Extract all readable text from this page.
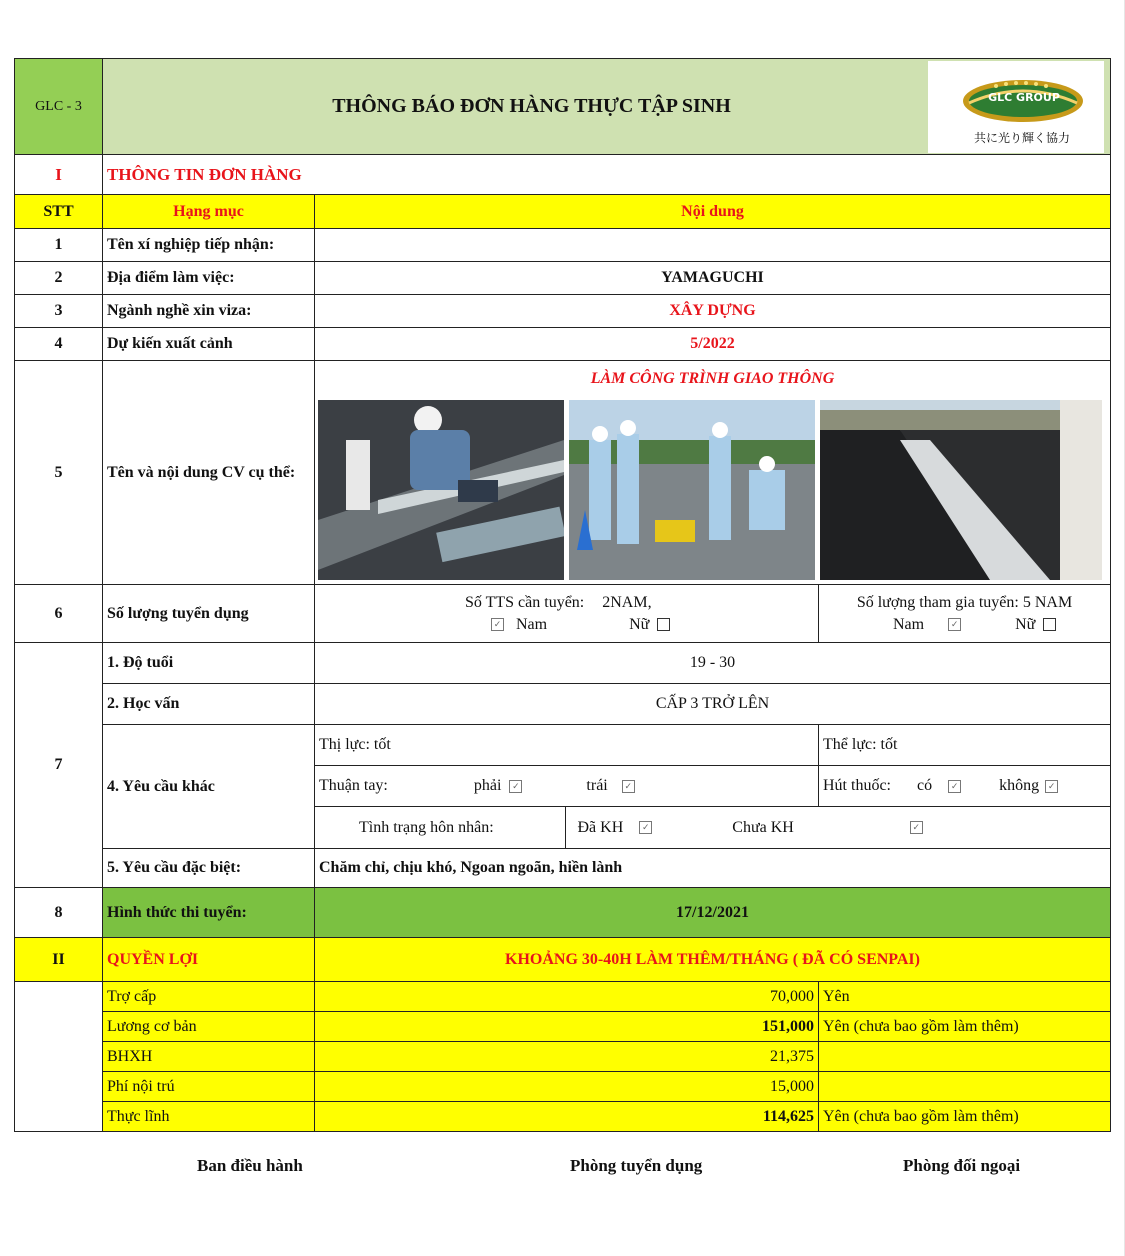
GLC - 3	THÔNG BÁO ĐƠN HÀNG THỰC TẬP SINH	GLC GROUP
共に光り輝く協力

I	THÔNG TIN ĐƠN HÀNG
STT	Hạng mục	Nội dung
1	Tên xí nghiệp tiếp nhận:	
2	Địa điểm làm việc:	YAMAGUCHI
3	Ngành nghề xin viza:	XÂY DỰNG
4	Dự kiến xuất cảnh	5/2022
5	Tên và nội dung CV cụ thể:	
LÀM CÔNG TRÌNH GIAO THÔNG

6	Số lượng tuyển dụng	
Số TTS cần tuyển: 2NAM,
✓ Nam	Nữ

Số lượng tham gia tuyển: 5 NAM
Nam	✓	Nữ

7	1. Độ tuổi	19 - 30
2. Học vấn	CẤP 3 TRỞ LÊN
4. Yêu cầu khác	Thị lực: tốt	Thể lực: tốt
Thuận tay:	phải ✓	trái ✓	Hút thuốc: có ✓	không ✓

Tình trạng hôn nhân:	Đã KH ✓	Chưa KH	✓

5. Yêu cầu đặc biệt:	Chăm chỉ, chịu khó, Ngoan ngoãn, hiền lành
8	Hình thức thi tuyển:	17/12/2021
II	QUYỀN LỢI	KHOẢNG 30-40H LÀM THÊM/THÁNG ( ĐÃ CÓ SENPAI)
	Trợ cấp	70,000	Yên
Lương cơ bản	151,000	Yên (chưa bao gồm làm thêm)
BHXH	21,375	
Phí nội trú	15,000	
Thực lĩnh	114,625	Yên (chưa bao gồm làm thêm)
Ban điều hành	Phòng tuyển dụng	Phòng đối ngoại
